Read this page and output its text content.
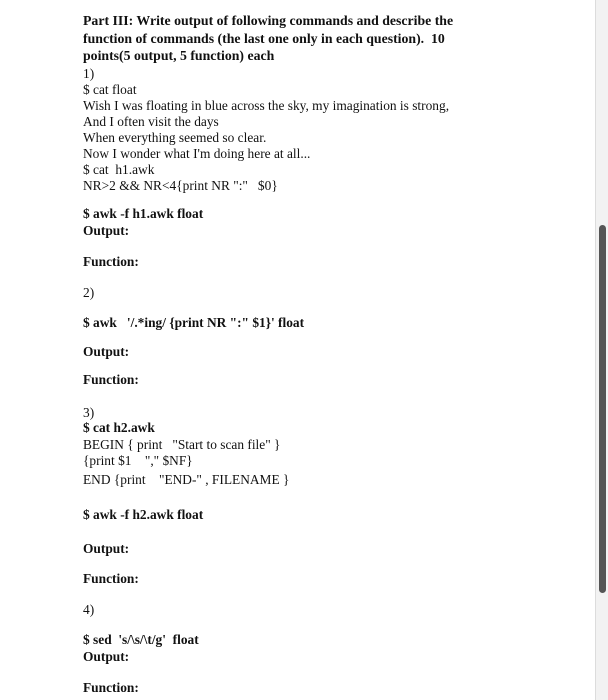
Part III: Write output of following commands and describe the
function of commands (the last one only in each question).  10
points(5 output, 5 function) each
1)
$ cat float
Wish I was floating in blue across the sky, my imagination is strong,
And I often visit the days
When everything seemed so clear.
Now I wonder what I'm doing here at all...
$ cat  h1.awk
NR>2 && NR<4{print NR ":"   $0}
$ awk -f h1.awk float
Output:
Function:
2)
$ awk   '/.*ing/ {print NR ":" $1}' float
Output:
Function:
3)
$ cat h2.awk
BEGIN { print   "Start to scan file" }
{print $1    "," $NF}
END {print    "END-" , FILENAME }
$ awk -f h2.awk float
Output:
Function:
4)
$ sed  's/\s/\t/g'  float
Output:
Function:
